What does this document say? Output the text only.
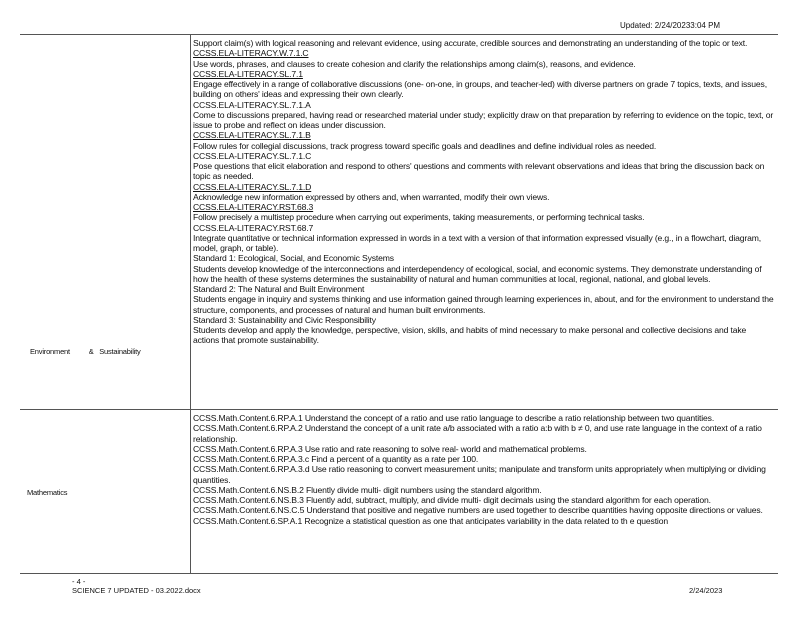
Updated: 2/24/20233:04 PM
Environment          &   Sustainability
Support claim(s) with logical reasoning and relevant evidence, using accurate, credible sources and demonstrating an understanding of the topic or text.
CCSS.ELA-LITERACY.W.7.1.C
Use words, phrases, and clauses to create cohesion and clarify the relationships among claim(s), reasons, and evidence.
CCSS.ELA-LITERACY.SL.7.1
Engage effectively in a range of collaborative discussions (one- on-one, in groups, and teacher-led) with diverse partners on grade 7 topics, texts, and issues, building on others' ideas and expressing their own clearly.
CCSS.ELA-LITERACY.SL.7.1.A
Come to discussions prepared, having read or researched material under study; explicitly draw on that preparation by referring to evidence on the topic, text, or issue to probe and reflect on ideas under discussion.
CCSS.ELA-LITERACY.SL.7.1.B
Follow rules for collegial discussions, track progress toward specific goals and deadlines and define individual roles as needed.
CCSS.ELA-LITERACY.SL.7.1.C
Pose questions that elicit elaboration and respond to others' questions and comments with relevant observations and ideas that bring the discussion back on topic as needed.
CCSS.ELA-LITERACY.SL.7.1.D
Acknowledge new information expressed by others and, when warranted, modify their own views.
CCSS.ELA-LITERACY.RST.68.3
Follow precisely a multistep procedure when carrying out experiments, taking measurements, or performing technical tasks.
CCSS.ELA-LITERACY.RST.68.7
Integrate quantitative or technical information expressed in words in a text with a version of that information expressed visually (e.g., in a flowchart, diagram, model, graph, or table).
Standard 1: Ecological, Social, and Economic Systems
Students develop knowledge of the interconnections and interdependency of ecological, social, and economic systems. They demonstrate understanding of how the health of these systems determines the sustainability of natural and human communities at local, regional, national, and global levels.
Standard 2: The Natural and Built Environment
Students engage in inquiry and systems thinking and use information gained through learning experiences in, about, and for the environment to understand the structure, components, and processes of natural and human built environments.
Standard 3: Sustainability and Civic Responsibility
Students develop and apply the knowledge, perspective, vision, skills, and habits of mind necessary to make personal and collective decisions and take actions that promote sustainability.
Mathematics
CCSS.Math.Content.6.RP.A.1 Understand the concept of a ratio and use ratio language to describe a ratio relationship between two quantities.
CCSS.Math.Content.6.RP.A.2 Understand the concept of a unit rate a/b associated with a ratio a:b with b ≠ 0, and use rate language in the context of a ratio relationship.
CCSS.Math.Content.6.RP.A.3 Use ratio and rate reasoning to solve real- world and mathematical problems.
CCSS.Math.Content.6.RP.A.3.c Find a percent of a quantity as a rate per 100.
CCSS.Math.Content.6.RP.A.3.d Use ratio reasoning to convert measurement units; manipulate and transform units appropriately when multiplying or dividing quantities.
CCSS.Math.Content.6.NS.B.2 Fluently divide multi- digit numbers using the standard algorithm.
CCSS.Math.Content.6.NS.B.3 Fluently add, subtract, multiply, and divide multi- digit decimals using the standard algorithm for each operation.
CCSS.Math.Content.6.NS.C.5 Understand that positive and negative numbers are used together to describe quantities having opposite directions or values.
CCSS.Math.Content.6.SP.A.1 Recognize a statistical question as one that anticipates variability in the data related to th e question
- 4 -
SCIENCE 7 UPDATED - 03.2022.docx	2/24/2023
